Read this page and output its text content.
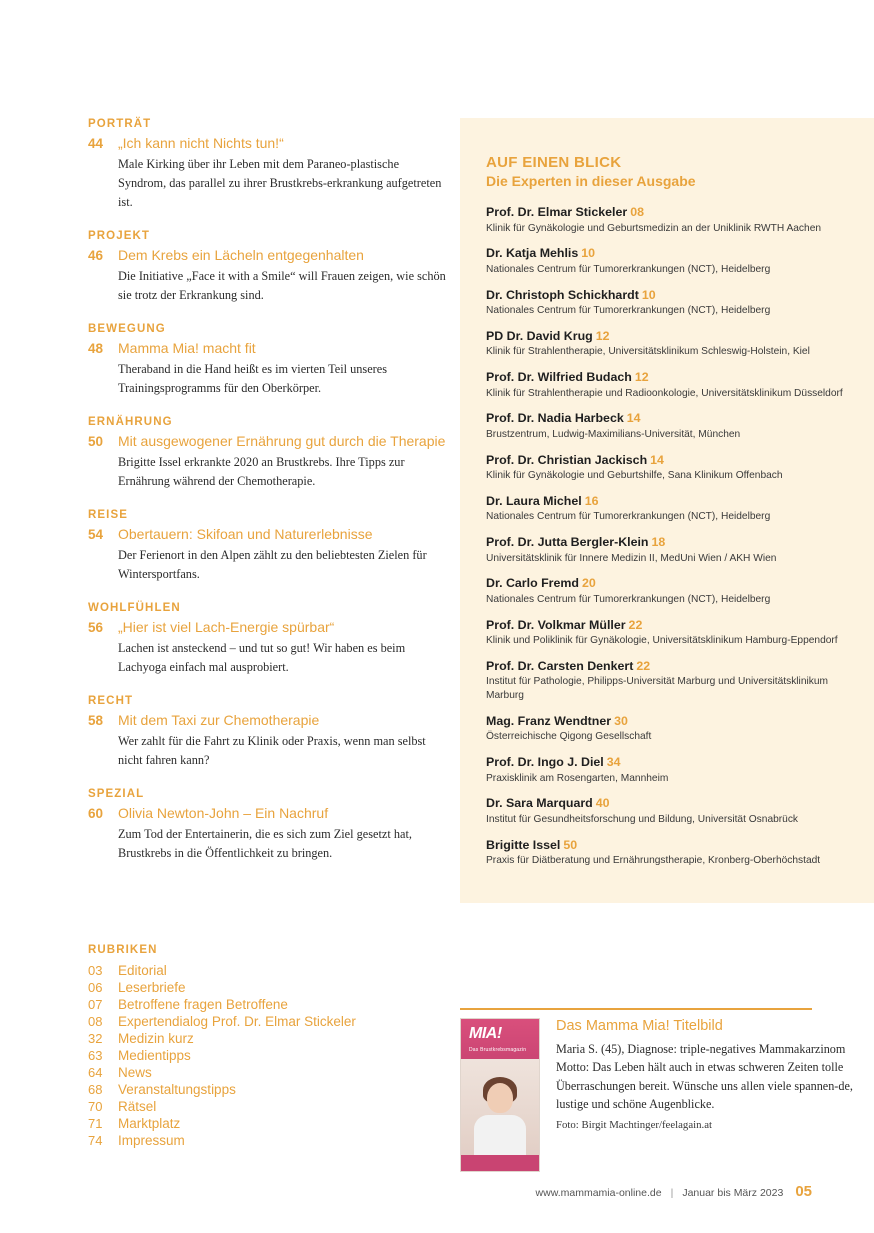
PORTRÄT
44	„Ich kann nicht Nichts tun!“
Male Kirking über ihr Leben mit dem Paraneo-plastische Syndrom, das parallel zu ihrer Brustkrebs-erkrankung aufgetreten ist.
PROJEKT
46	Dem Krebs ein Lächeln entgegenhalten
Die Initiative „Face it with a Smile“ will Frauen zeigen, wie schön sie trotz der Erkrankung sind.
BEWEGUNG
48	Mamma Mia! macht fit
Theraband in die Hand heißt es im vierten Teil unseres Trainingsprogramms für den Oberkörper.
ERNÄHRUNG
50	Mit ausgewogener Ernährung gut durch die Therapie
Brigitte Issel erkrankte 2020 an Brustkrebs. Ihre Tipps zur Ernährung während der Chemotherapie.
REISE
54	Obertauern: Skifoan und Naturerlebnisse
Der Ferienort in den Alpen zählt zu den beliebtesten Zielen für Wintersportfans.
WOHLFÜHLEN
56	„Hier ist viel Lach-Energie spürbar“
Lachen ist ansteckend – und tut so gut! Wir haben es beim Lachyoga einfach mal ausprobiert.
RECHT
58	Mit dem Taxi zur Chemotherapie
Wer zahlt für die Fahrt zu Klinik oder Praxis, wenn man selbst nicht fahren kann?
SPEZIAL
60	Olivia Newton-John – Ein Nachruf
Zum Tod der Entertainerin, die es sich zum Ziel gesetzt hat, Brustkrebs in die Öffentlichkeit zu bringen.
RUBRIKEN
03	Editorial
06	Leserbriefe
07	Betroffene fragen Betroffene
08	Expertendialog Prof. Dr. Elmar Stickeler
32	Medizin kurz
63	Medientipps
64	News
68	Veranstaltungstipps
70	Rätsel
71	Marktplatz
74	Impressum
AUF EINEN BLICK
Die Experten in dieser Ausgabe
Prof. Dr. Elmar Stickeler 08
Klinik für Gynäkologie und Geburtsmedizin an der Uniklinik RWTH Aachen
Dr. Katja Mehlis 10
Nationales Centrum für Tumorerkrankungen (NCT), Heidelberg
Dr. Christoph Schickhardt 10
Nationales Centrum für Tumorerkrankungen (NCT), Heidelberg
PD Dr. David Krug 12
Klinik für Strahlentherapie, Universitätsklinikum Schleswig-Holstein, Kiel
Prof. Dr. Wilfried Budach 12
Klinik für Strahlentherapie und Radioonkologie, Universitätsklinikum Düsseldorf
Prof. Dr. Nadia Harbeck 14
Brustzentrum, Ludwig-Maximilians-Universität, München
Prof. Dr. Christian Jackisch 14
Klinik für Gynäkologie und Geburtshilfe, Sana Klinikum Offenbach
Dr. Laura Michel 16
Nationales Centrum für Tumorerkrankungen (NCT), Heidelberg
Prof. Dr. Jutta Bergler-Klein 18
Universitätsklinik für Innere Medizin II, MedUni Wien / AKH Wien
Dr. Carlo Fremd 20
Nationales Centrum für Tumorerkrankungen (NCT), Heidelberg
Prof. Dr. Volkmar Müller 22
Klinik und Poliklinik für Gynäkologie, Universitätsklinikum Hamburg-Eppendorf
Prof. Dr. Carsten Denkert 22
Institut für Pathologie, Philipps-Universität Marburg und Universitätsklinikum Marburg
Mag. Franz Wendtner 30
Österreichische Qigong Gesellschaft
Prof. Dr. Ingo J. Diel 34
Praxisklinik am Rosengarten, Mannheim
Dr. Sara Marquard 40
Institut für Gesundheitsforschung und Bildung, Universität Osnabrück
Brigitte Issel 50
Praxis für Diätberatung und Ernährungstherapie, Kronberg-Oberhöchstadt
MIA!
Das Brustkrebsmagazin
Das Mamma Mia! Titelbild
Maria S. (45), Diagnose: triple-negatives Mammakarzinom
Motto: Das Leben hält auch in etwas schweren Zeiten tolle Überraschungen bereit. Wünsche uns allen viele spannen-de, lustige und schöne Augenblicke.
Foto: Birgit Machtinger/feelagain.at
www.mammamia-online.de | Januar bis März 2023 05
